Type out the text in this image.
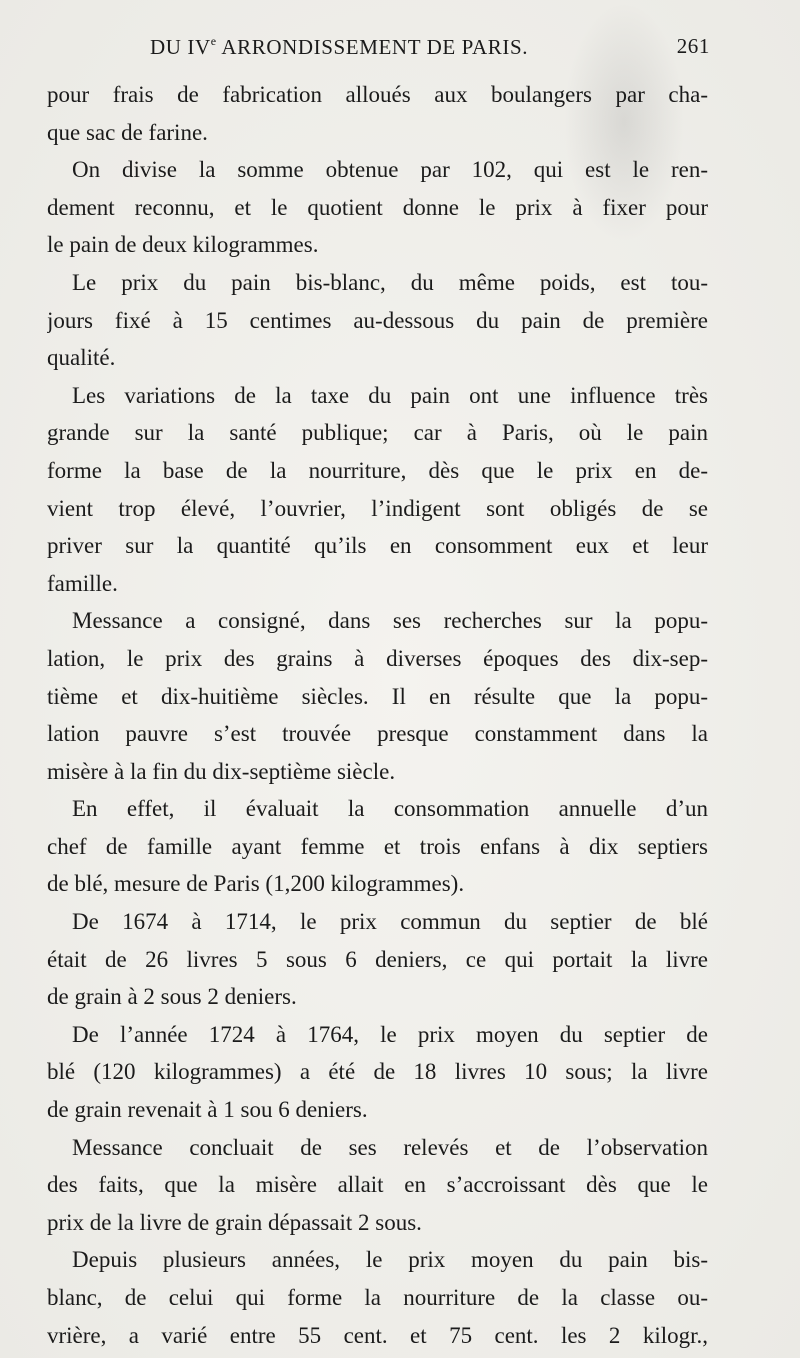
DU IVe ARRONDISSEMENT DE PARIS.	261
pour frais de fabrication alloués aux boulangers par cha-
que sac de farine.
On divise la somme obtenue par 102, qui est le ren-
dement reconnu, et le quotient donne le prix à fixer pour
le pain de deux kilogrammes.
Le prix du pain bis-blanc, du même poids, est tou-
jours fixé à 15 centimes au-dessous du pain de première
qualité.
Les variations de la taxe du pain ont une influence très
grande sur la santé publique; car à Paris, où le pain
forme la base de la nourriture, dès que le prix en de-
vient trop élevé, l’ouvrier, l’indigent sont obligés de se
priver sur la quantité qu’ils en consomment eux et leur
famille.
Messance a consigné, dans ses recherches sur la popu-
lation, le prix des grains à diverses époques des dix-sep-
tième et dix-huitième siècles. Il en résulte que la popu-
lation pauvre s’est trouvée presque constamment dans la
misère à la fin du dix-septième siècle.
En effet, il évaluait la consommation annuelle d’un
chef de famille ayant femme et trois enfans à dix septiers
de blé, mesure de Paris (1,200 kilogrammes).
De 1674 à 1714, le prix commun du septier de blé
était de 26 livres 5 sous 6 deniers, ce qui portait la livre
de grain à 2 sous 2 deniers.
De l’année 1724 à 1764, le prix moyen du septier de
blé (120 kilogrammes) a été de 18 livres 10 sous; la livre
de grain revenait à 1 sou 6 deniers.
Messance concluait de ses relevés et de l’observation
des faits, que la misère allait en s’accroissant dès que le
prix de la livre de grain dépassait 2 sous.
Depuis plusieurs années, le prix moyen du pain bis-
blanc, de celui qui forme la nourriture de la classe ou-
vrière, a varié entre 55 cent. et 75 cent. les 2 kilogr.,
